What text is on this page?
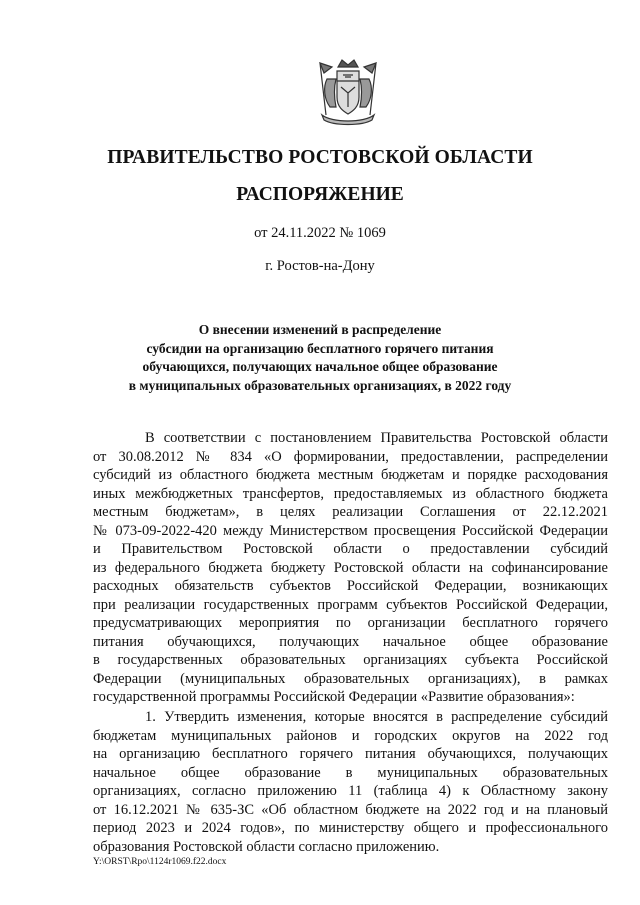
ПРАВИТЕЛЬСТВО РОСТОВСКОЙ ОБЛАСТИ
РАСПОРЯЖЕНИЕ
от 24.11.2022 № 1069
г. Ростов-на-Дону
О внесении изменений в распределение
субсидии на организацию бесплатного горячего питания
обучающихся, получающих начальное общее образование
в муниципальных образовательных организациях, в 2022 году
В соответствии с постановлением Правительства Ростовской области
от 30.08.2012 № 834 «О формировании, предоставлении, распределении
субсидий из областного бюджета местным бюджетам и порядке расходования
иных межбюджетных трансфертов, предоставляемых из областного бюджета
местным бюджетам», в целях реализации Соглашения от 22.12.2021
№ 073-09-2022-420 между Министерством просвещения Российской Федерации
и Правительством Ростовской области о предоставлении субсидий
из федерального бюджета бюджету Ростовской области на софинансирование
расходных обязательств субъектов Российской Федерации, возникающих
при реализации государственных программ субъектов Российской Федерации,
предусматривающих мероприятия по организации бесплатного горячего
питания обучающихся, получающих начальное общее образование
в государственных образовательных организациях субъекта Российской
Федерации (муниципальных образовательных организациях), в рамках
государственной программы Российской Федерации «Развитие образования»:
1. Утвердить изменения, которые вносятся в распределение субсидий
бюджетам муниципальных районов и городских округов на 2022 год
на организацию бесплатного горячего питания обучающихся, получающих
начальное общее образование в муниципальных образовательных
организациях, согласно приложению 11 (таблица 4) к Областному закону
от 16.12.2021 № 635-ЗС «Об областном бюджете на 2022 год и на плановый
период 2023 и 2024 годов», по министерству общего и профессионального
образования Ростовской области согласно приложению.
Y:\ORST\Rpo\1124r1069.f22.docx
